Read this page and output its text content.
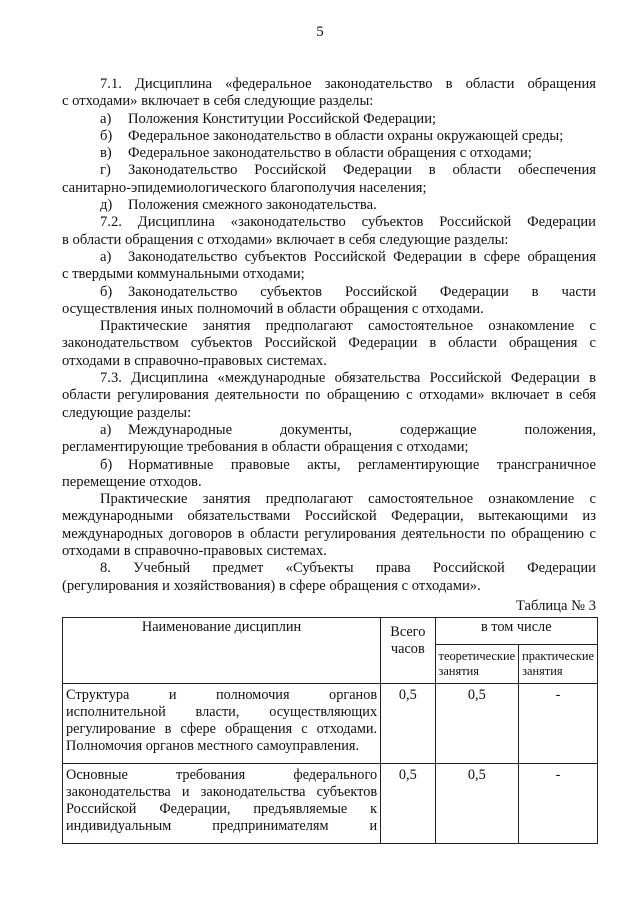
5

7.1. Дисциплина «федеральное законодательство в области обращения

с отходами» включает в себя следующие разделы:

а) Положения Конституции Российской Федерации;

б) Федеральное законодательство в области охраны окружающей среды;

в) Федеральное законодательство в области обращения с отходами;

г) Законодательство Российской Федерации в области обеспечения

санитарно-эпидемиологического благополучия населения;

д) Положения смежного законодательства.

7.2. Дисциплина «законодательство субъектов Российской Федерации

в области обращения с отходами» включает в себя следующие разделы:

а) Законодательство субъектов Российской Федерации в сфере обращения

с твердыми коммунальными отходами;

б) Законодательство субъектов Российской Федерации в части

осуществления иных полномочий в области обращения с отходами.

Практические занятия предполагают самостоятельное ознакомление с законодательством субъектов Российской Федерации в области обращения с отходами в справочно-правовых системах.

7.3. Дисциплина «международные обязательства Российской Федерации в области регулирования деятельности по обращению с отходами» включает в себя следующие разделы:

а) Международные документы, содержащие положения,

регламентирующие требования в области обращения с отходами;

б) Нормативные правовые акты, регламентирующие трансграничное

перемещение отходов.

Практические занятия предполагают самостоятельное ознакомление с международными обязательствами Российской Федерации, вытекающими из международных договоров в области регулирования деятельности по обращению с отходами в справочно-правовых системах.

8. Учебный предмет «Субъекты права Российской Федерации

(регулирования и хозяйствования) в сфере обращения с отходами».

Таблица № 3
Наименование дисциплин	Всего часов	в том числе	
		теоретические занятия	практические занятия

Структура и полномочия органов
исполнительной власти, осуществляющих
регулирование в сфере обращения с отходами.
Полномочия органов местного самоуправления.	0,5	0,5	-

Основные требования федерального
законодательства и законодательства субъектов
Российской Федерации, предъявляемые к
индивидуальным предпринимателям и	0,5	0,5	-
